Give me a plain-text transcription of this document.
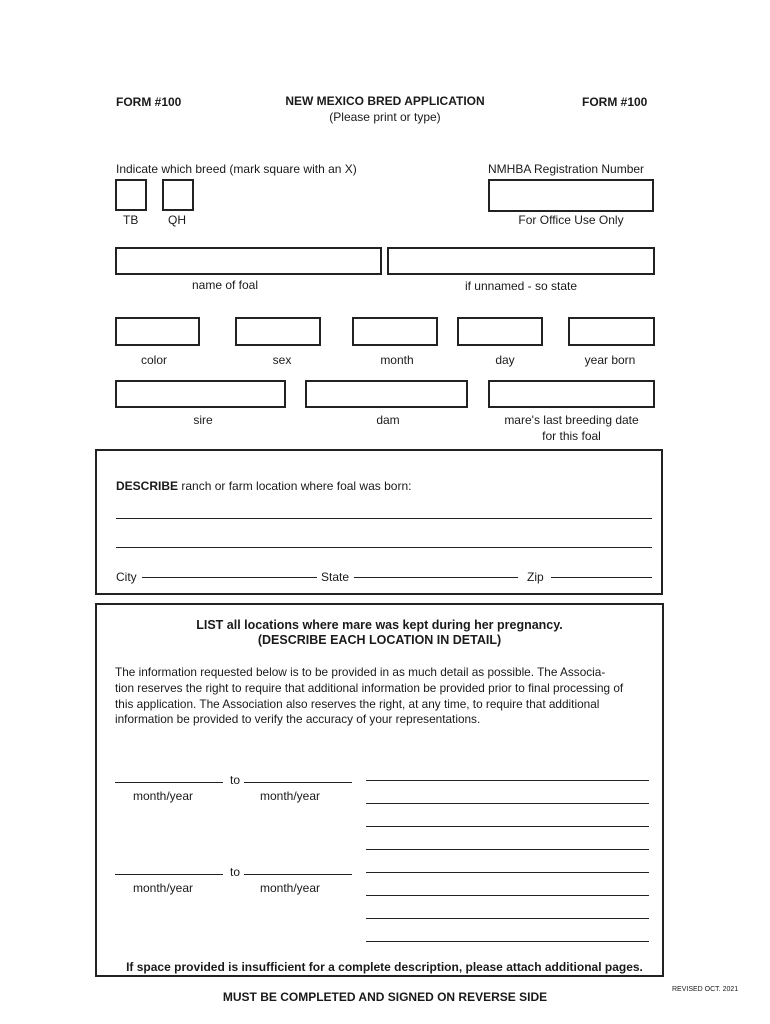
FORM #100	NEW MEXICO BRED APPLICATION
(Please print or type)
FORM #100
Indicate which breed (mark square with an X)
TB QH
NMHBA Registration Number
For Office Use Only
name of foal	if unnamed - so state
color	sex	month	day	year born
sire	dam	mare's last breeding date
for this foal
DESCRIBE ranch or farm location where foal was born:
City	State	Zip
LIST all locations where mare was kept during her pregnancy.
(DESCRIBE EACH LOCATION IN DETAIL)
The information requested below is to be provided in as much detail as possible. The Associa-
tion reserves the right to require that additional information be provided prior to final processing of
this application. The Association also reserves the right, at any time, to require that additional
information be provided to verify the accuracy of your representations.
to
month/year	month/year
to
month/year	month/year
If space provided is insufficient for a complete description, please attach additional pages.
MUST BE COMPLETED AND SIGNED ON REVERSE SIDE
REVISED OCT. 2021
